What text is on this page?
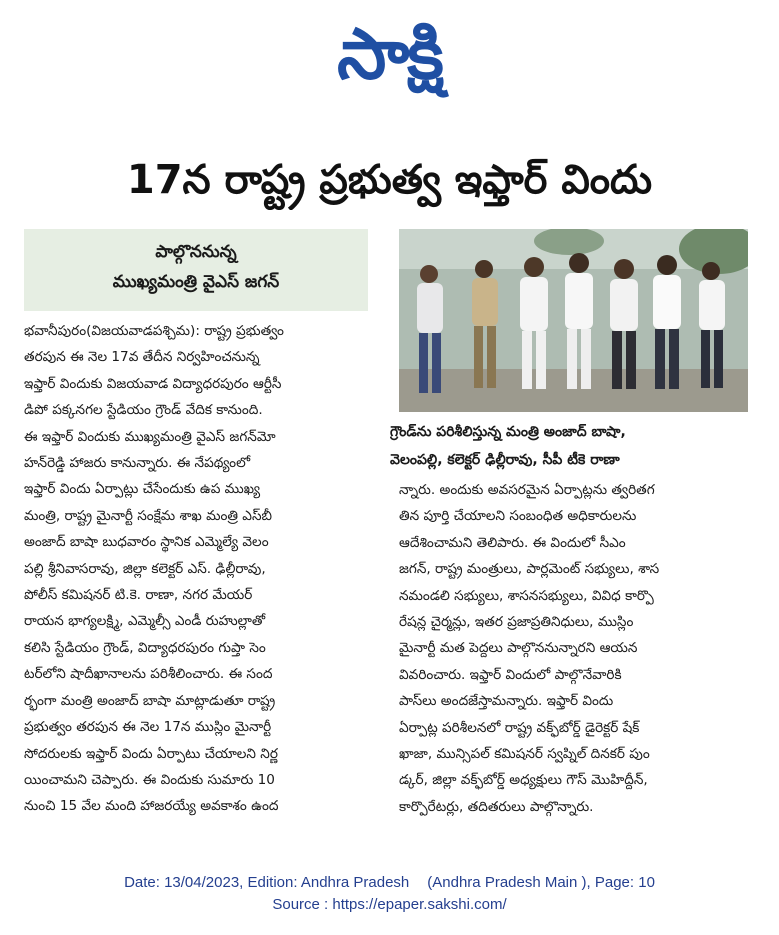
సాక్షి
17న రాష్ట్ర ప్రభుత్వ ఇఫ్తార్ విందు
పాల్గొననున్న
ముఖ్యమంత్రి వైఎస్ జగన్
గ్రౌండ్‌ను పరిశీలిస్తున్న మంత్రి అంజాద్ బాషా,
వెలంపల్లి, కలెక్టర్ ఢిల్లీరావు, సీపీ టీకె రాణా
భవానీపురం(విజయవాడపశ్చిమ): రాష్ట్ర ప్రభుత్వం
తరపున ఈ నెల 17వ తేదీన నిర్వహించనున్న
ఇఫ్తార్ విందుకు విజయవాడ విద్యాధరపురం ఆర్టీసీ
డిపో పక్కనగల స్టేడియం గ్రౌండ్ వేదిక కానుంది.
ఈ ఇఫ్తార్ విందుకు ముఖ్యమంత్రి వైఎస్ జగన్‌మో
హన్‌రెడ్డి హాజరు కానున్నారు. ఈ నేపథ్యంలో
ఇఫ్తార్ విందు ఏర్పాట్లు చేసేందుకు ఉప ముఖ్య
మంత్రి, రాష్ట్ర మైనార్టీ సంక్షేమ శాఖ మంత్రి ఎస్‌బీ
అంజాద్ బాషా బుధవారం స్థానిక ఎమ్మెల్యే వెలం
పల్లి శ్రీనివాసరావు, జిల్లా కలెక్టర్ ఎస్. ఢిల్లీరావు,
పోలీస్ కమిషనర్ టి.కె. రాణా, నగర మేయర్
రాయన భాగ్యలక్ష్మి, ఎమ్మెల్సీ ఎండీ రుహుల్లాతో
కలిసి స్టేడియం గ్రౌండ్, విద్యాధరపురం గుప్తా సెం
టర్‌లోని షాదీఖానాలను పరిశీలించారు. ఈ సంద
ర్భంగా మంత్రి అంజాద్ బాషా మాట్లాడుతూ రాష్ట్ర
ప్రభుత్వం తరపున ఈ నెల 17న ముస్లిం మైనార్టీ
సోదరులకు ఇఫ్తార్ విందు ఏర్పాటు చేయాలని నిర్ణ
యించామని చెప్పారు. ఈ విందుకు సుమారు 10
నుంచి 15 వేల మంది హాజరయ్యే అవకాశం ఉంద
న్నారు. అందుకు అవసరమైన ఏర్పాట్లను త్వరితగ
తిన పూర్తి చేయాలని సంబంధిత అధికారులను
ఆదేశించామని తెలిపారు. ఈ విందులో సీఎం
జగన్, రాష్ట్ర మంత్రులు, పార్లమెంట్ సభ్యులు, శాస
నమండలి సభ్యులు, శాసనసభ్యులు, వివిధ కార్పొ
రేషన్ల చైర్మన్లు, ఇతర ప్రజాప్రతినిధులు, ముస్లిం
మైనార్టీ మత పెద్దలు పాల్గొననున్నారని ఆయన
వివరించారు. ఇఫ్తార్ విందులో పాల్గొనేవారికి
పాస్‌లు అందజేస్తామన్నారు. ఇఫ్తార్ విందు
ఏర్పాట్ల పరిశీలనలో రాష్ట్ర వక్ఫ్‌బోర్డ్ డైరెక్టర్ షేక్
ఖాజా, మున్సిపల్ కమిషనర్ స్వప్నిల్ దినకర్ పుం
డ్కర్, జిల్లా వక్ఫ్‌బోర్డ్ అధ్యక్షులు గౌస్ మొహిద్దీన్,
కార్పొరేటర్లు, తదితరులు పాల్గొన్నారు.
Date: 13/04/2023, Edition: Andhra Pradesh (Andhra Pradesh Main ), Page: 10
Source : https://epaper.sakshi.com/
